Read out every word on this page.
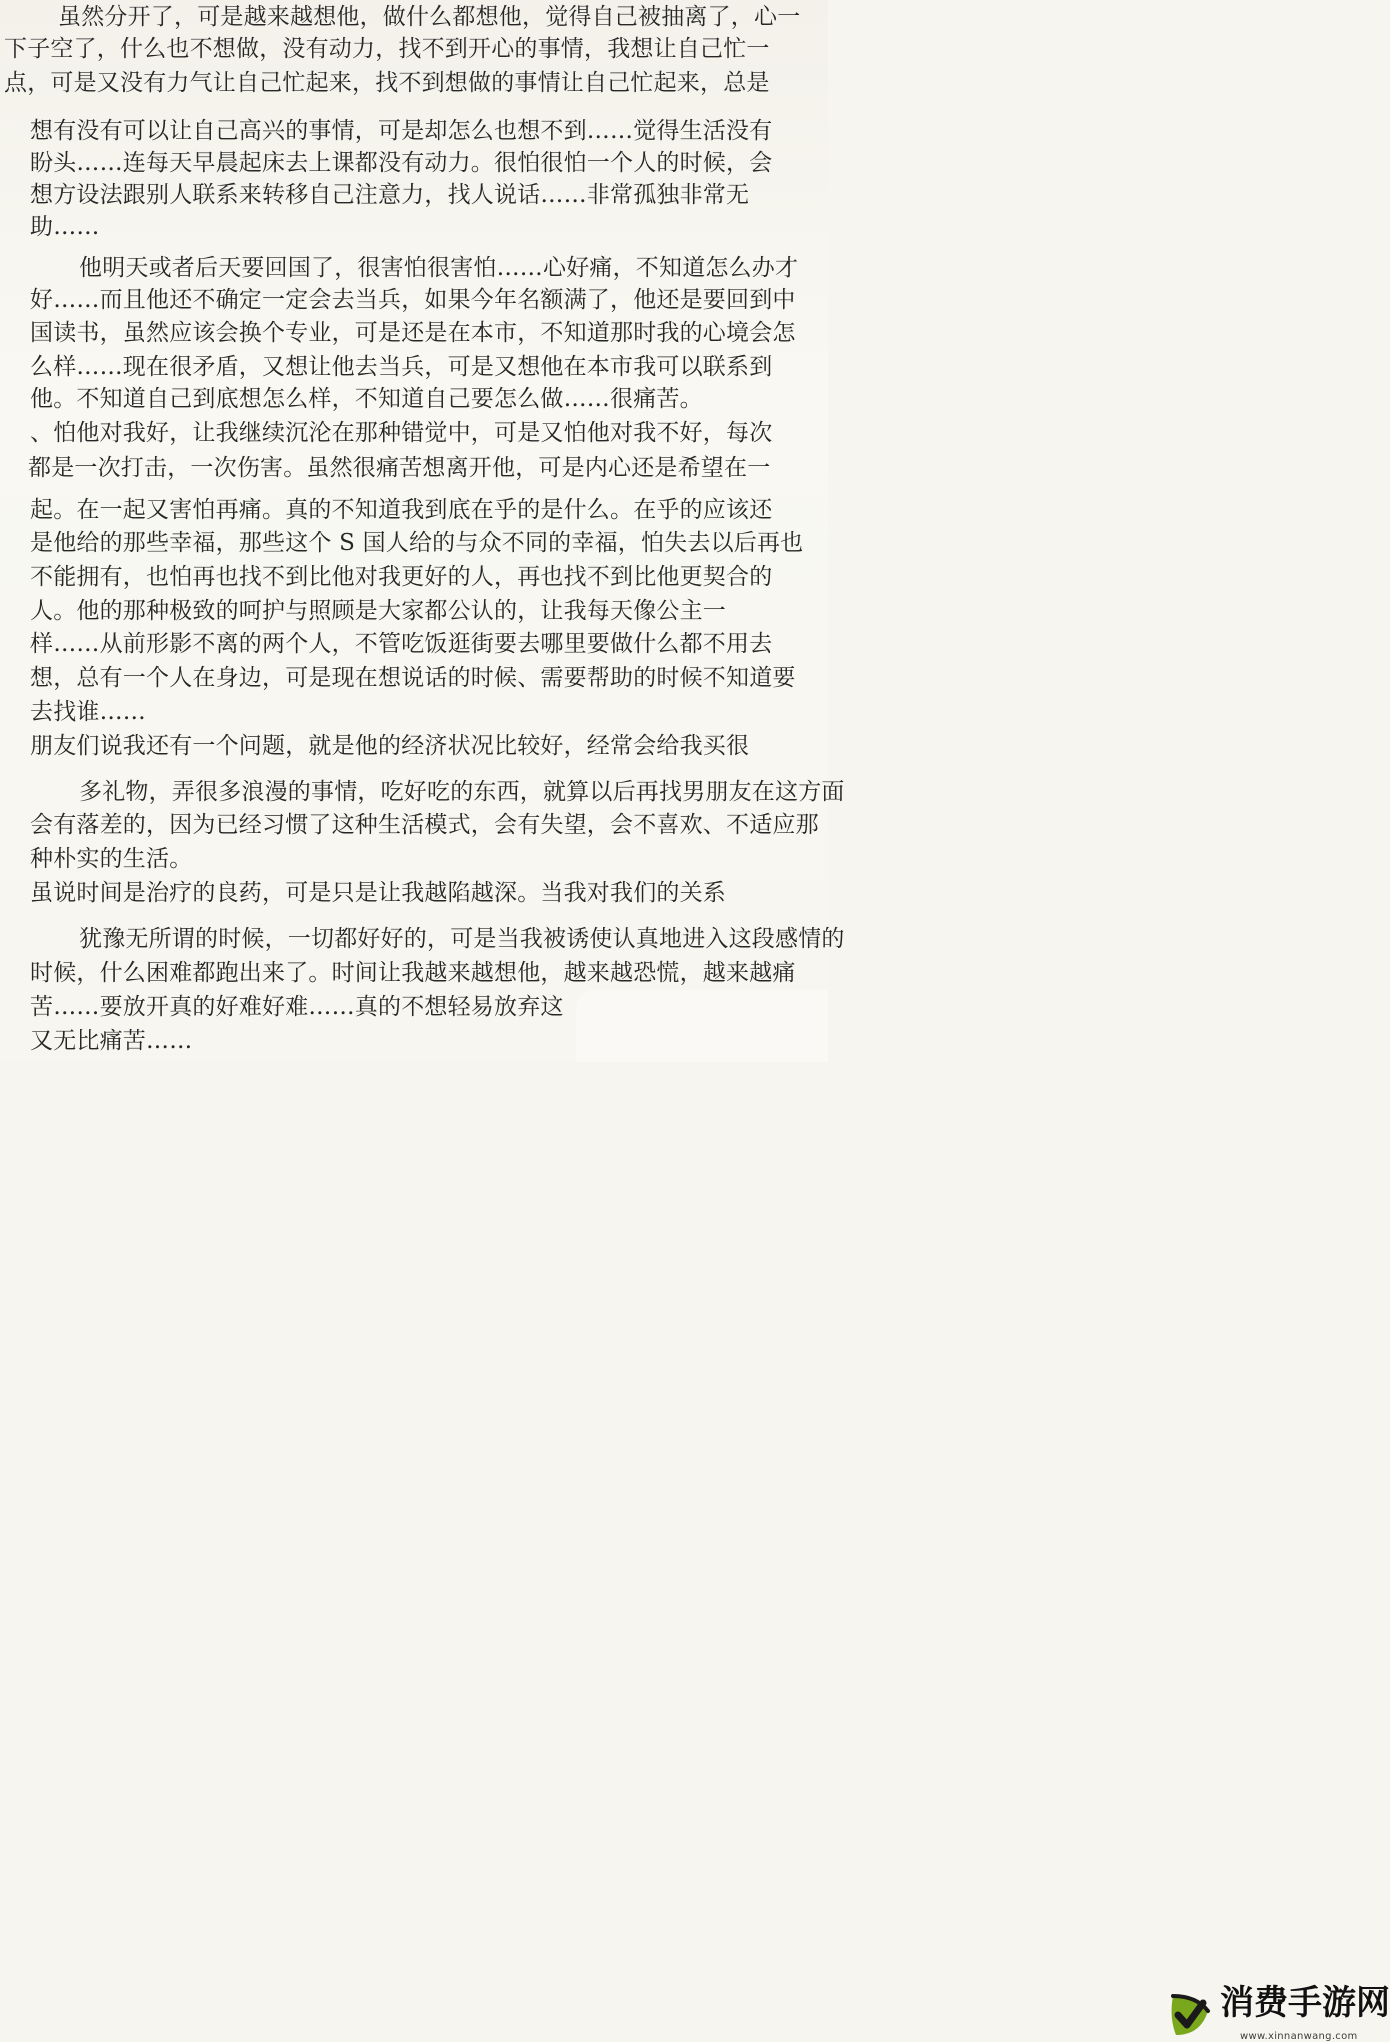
虽然分开了，可是越来越想他，做什么都想他，觉得自己被抽离了，心一
下子空了，什么也不想做，没有动力，找不到开心的事情，我想让自己忙一
点，可是又没有力气让自己忙起来，找不到想做的事情让自己忙起来，总是
想有没有可以让自己高兴的事情，可是却怎么也想不到……觉得生活没有
盼头……连每天早晨起床去上课都没有动力。很怕很怕一个人的时候，会
想方设法跟别人联系来转移自己注意力，找人说话……非常孤独非常无
助……
他明天或者后天要回国了，很害怕很害怕……心好痛，不知道怎么办才
好……而且他还不确定一定会去当兵，如果今年名额满了，他还是要回到中
国读书，虽然应该会换个专业，可是还是在本市，不知道那时我的心境会怎
么样……现在很矛盾，又想让他去当兵，可是又想他在本市我可以联系到
他。不知道自己到底想怎么样，不知道自己要怎么做……很痛苦。
、怕他对我好，让我继续沉沦在那种错觉中，可是又怕他对我不好，每次
都是一次打击，一次伤害。虽然很痛苦想离开他，可是内心还是希望在一
起。在一起又害怕再痛。真的不知道我到底在乎的是什么。在乎的应该还
是他给的那些幸福，那些这个 S 国人给的与众不同的幸福，怕失去以后再也
不能拥有，也怕再也找不到比他对我更好的人，再也找不到比他更契合的
人。他的那种极致的呵护与照顾是大家都公认的，让我每天像公主一
样……从前形影不离的两个人，不管吃饭逛街要去哪里要做什么都不用去
想，总有一个人在身边，可是现在想说话的时候、需要帮助的时候不知道要
去找谁……
朋友们说我还有一个问题，就是他的经济状况比较好，经常会给我买很
多礼物，弄很多浪漫的事情，吃好吃的东西，就算以后再找男朋友在这方面
会有落差的，因为已经习惯了这种生活模式，会有失望，会不喜欢、不适应那
种朴实的生活。
虽说时间是治疗的良药，可是只是让我越陷越深。当我对我们的关系
犹豫无所谓的时候，一切都好好的，可是当我被诱使认真地进入这段感情的
时候，什么困难都跑出来了。时间让我越来越想他，越来越恐慌，越来越痛
苦……要放开真的好难好难……真的不想轻易放弃这
又无比痛苦……
消费手游网
www.xinnanwang.com
